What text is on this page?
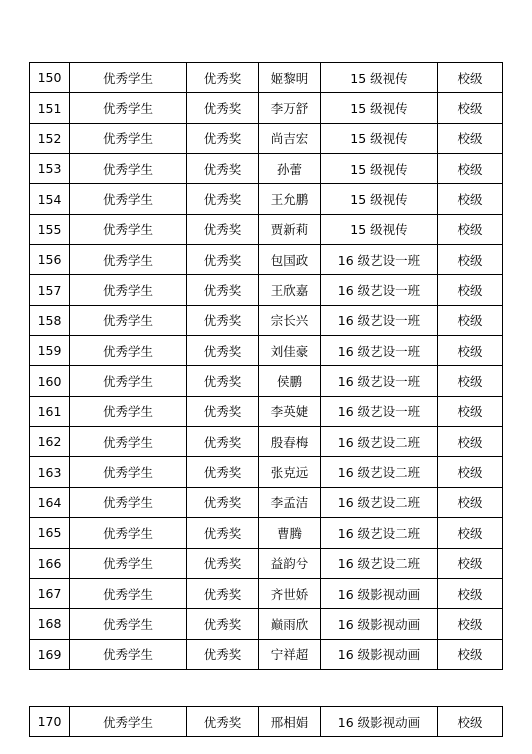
150	优秀学生	优秀奖	姬黎明	15 级视传	校级
151	优秀学生	优秀奖	李万舒	15 级视传	校级
152	优秀学生	优秀奖	尚吉宏	15 级视传	校级
153	优秀学生	优秀奖	孙蕾	15 级视传	校级
154	优秀学生	优秀奖	王允鹏	15 级视传	校级
155	优秀学生	优秀奖	贾新莉	15 级视传	校级
156	优秀学生	优秀奖	包国政	16 级艺设一班	校级
157	优秀学生	优秀奖	王欣嘉	16 级艺设一班	校级
158	优秀学生	优秀奖	宗长兴	16 级艺设一班	校级
159	优秀学生	优秀奖	刘佳豪	16 级艺设一班	校级
160	优秀学生	优秀奖	侯鹏	16 级艺设一班	校级
161	优秀学生	优秀奖	李英婕	16 级艺设一班	校级
162	优秀学生	优秀奖	殷春梅	16 级艺设二班	校级
163	优秀学生	优秀奖	张克远	16 级艺设二班	校级
164	优秀学生	优秀奖	李孟洁	16 级艺设二班	校级
165	优秀学生	优秀奖	曹腾	16 级艺设二班	校级
166	优秀学生	优秀奖	益韵兮	16 级艺设二班	校级
167	优秀学生	优秀奖	齐世娇	16 级影视动画	校级
168	优秀学生	优秀奖	巅雨欣	16 级影视动画	校级
169	优秀学生	优秀奖	宁祥超	16 级影视动画	校级
170	优秀学生	优秀奖	邢相娟	16 级影视动画	校级
